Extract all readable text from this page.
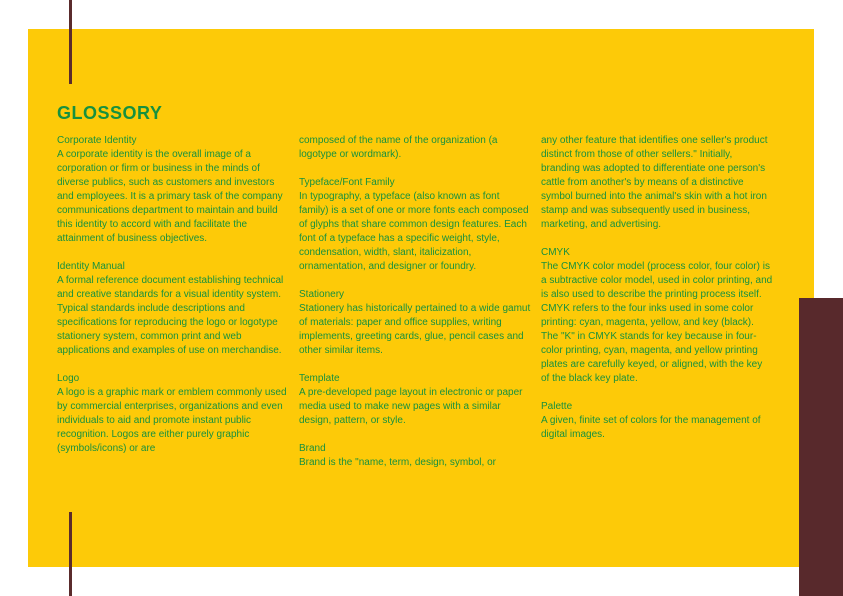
GLOSSORY

Corporate Identity

A corporate identity is the overall image of a corporation or firm or business in the minds of diverse publics, such as customers and investors and employees. It is a primary task of the company communications department to maintain and build this identity to accord with and facilitate the attainment of business objectives.

Identity Manual

A formal reference document establishing technical and creative standards for a visual identity system. Typical standards include descriptions and specifications for reproducing the logo or logotype stationery system, common print and web applications and examples of use on merchandise.

Logo

A logo is a graphic mark or emblem commonly used by commercial enterprises, organizations and even individuals to aid and promote instant public recognition. Logos are either purely graphic (symbols/icons) or are

composed of the name of the organization (a logotype or wordmark).

Typeface/Font Family

In typography, a typeface (also known as font family) is a set of one or more fonts each composed of glyphs that share common design features. Each font of a typeface has a specific weight, style, condensation, width, slant, italicization, ornamentation, and designer or foundry.

Stationery

Stationery has historically pertained to a wide gamut of materials: paper and office supplies, writing implements, greeting cards, glue, pencil cases and other similar items.

Template

A pre-developed page layout in electronic or paper media used to make new pages with a similar design, pattern, or style.

Brand

Brand is the "name, term, design, symbol, or

any other feature that identifies one seller's product distinct from those of other sellers." Initially, branding was adopted to differentiate one person's cattle from another's by means of a distinctive symbol burned into the animal's skin with a hot iron stamp and was subsequently used in business, marketing, and advertising.

CMYK

The CMYK color model (process color, four color) is a subtractive color model, used in color printing, and is also used to describe the printing process itself. CMYK refers to the four inks used in some color printing: cyan, magenta, yellow, and key (black). The "K" in CMYK stands for key because in four-color printing, cyan, magenta, and yellow printing plates are carefully keyed, or aligned, with the key of the black key plate.

Palette

A given, finite set of colors for the management of digital images.
